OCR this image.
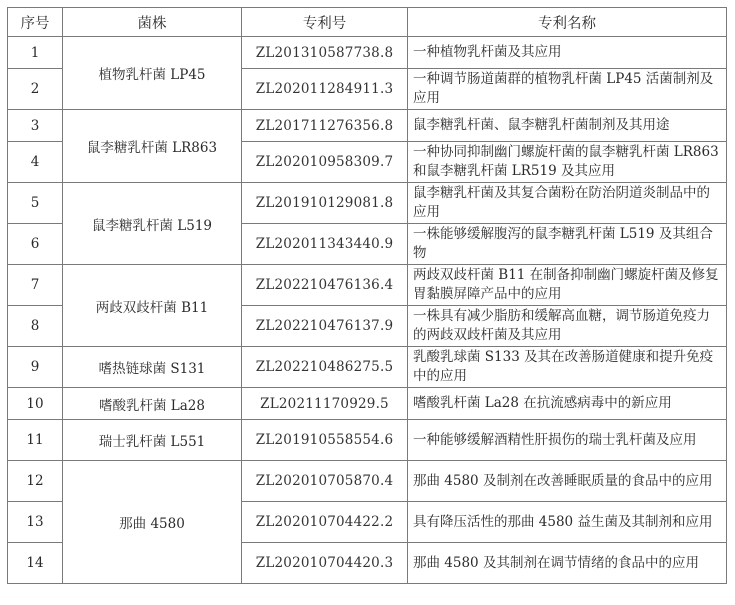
序号	菌株	专利号	专利名称
1	植物乳杆菌 LP45	ZL201310587738.8	一种植物乳杆菌及其应用
2		ZL202011284911.3	一种调节肠道菌群的植物乳杆菌 LP45 活菌制剂及应用
3	鼠李糖乳杆菌 LR863	ZL201711276356.8	鼠李糖乳杆菌、鼠李糖乳杆菌制剂及其用途
4		ZL202010958309.7	一种协同抑制幽门螺旋杆菌的鼠李糖乳杆菌 LR863 和鼠李糖乳杆菌 LR519 及其应用
5	鼠李糖乳杆菌 L519	ZL201910129081.8	鼠李糖乳杆菌及其复合菌粉在防治阴道炎制品中的应用
6		ZL202011343440.9	一株能够缓解腹泻的鼠李糖乳杆菌 L519 及其组合物
7	两歧双歧杆菌 B11	ZL202210476136.4	两歧双歧杆菌 B11 在制备抑制幽门螺旋杆菌及修复胃黏膜屏障产品中的应用
8		ZL202210476137.9	一株具有减少脂肪和缓解高血糖，调节肠道免疫力的两歧双歧杆菌及其应用
9	嗜热链球菌 S131	ZL202210486275.5	乳酸乳球菌 S133 及其在改善肠道健康和提升免疫中的应用
10	嗜酸乳杆菌 La28	ZL20211170929.5	嗜酸乳杆菌 La28 在抗流感病毒中的新应用
11	瑞士乳杆菌 L551	ZL201910558554.6	一种能够缓解酒精性肝损伤的瑞士乳杆菌及应用
12	那曲 4580	ZL202010705870.4	那曲 4580 及制剂在改善睡眠质量的食品中的应用
13		ZL202010704422.2	具有降压活性的那曲 4580 益生菌及其制剂和应用
14		ZL202010704420.3	那曲 4580 及其制剂在调节情绪的食品中的应用
